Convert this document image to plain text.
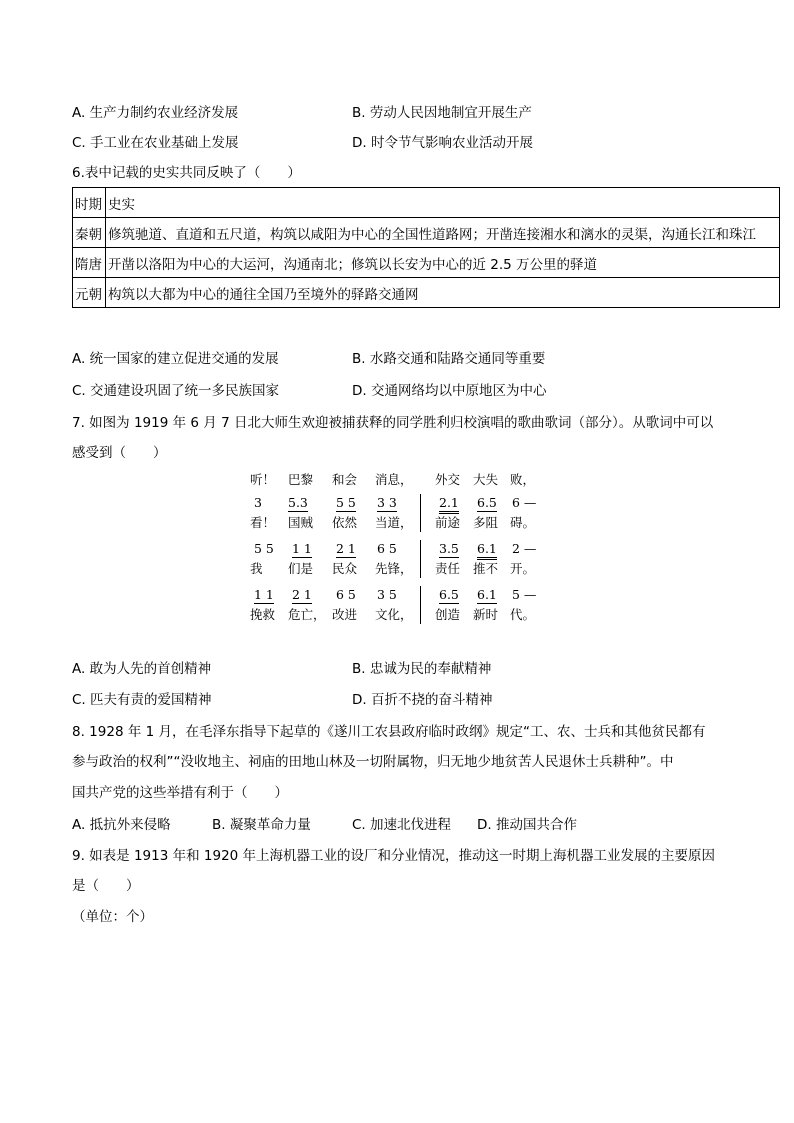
A. 生产力制约农业经济发展	B. 劳动人民因地制宜开展生产
C. 手工业在农业基础上发展	D. 时令节气影响农业活动开展
6.表中记载的史实共同反映了（　　）
时期	史实
秦朝	修筑驰道、直道和五尺道，构筑以咸阳为中心的全国性道路网；开凿连接湘水和漓水的灵渠，沟通长江和珠江
隋唐	开凿以洛阳为中心的大运河，沟通南北；修筑以长安为中心的近 2.5 万公里的驿道
元朝	构筑以大都为中心的通往全国乃至境外的驿路交通网
A. 统一国家的建立促进交通的发展	B. 水路交通和陆路交通同等重要
C. 交通建设巩固了统一多民族国家	D. 交通网络均以中原地区为中心
7. 如图为 1919 年 6 月 7 日北大师生欢迎被捕获释的同学胜利归校演唱的歌曲歌词（部分）。从歌词中可以
感受到（　　）
听！ 巴黎 和会 消息， 外交 大失 败，
3 5.3 5 5 3 3	2.1 6.5 6 —
看！ 国贼 依然 当道， 前途 多阻 碍。
5 5 1 1 2 1 6 5	3.5 6.1 2 —
我 们是 民众 先锋， 责任 推不 开。
1 1 2 1 6 5 3 5	6.5 6.1 5 —
挽救 危亡， 改进 文化， 创造 新时 代。
A. 敢为人先的首创精神	B. 忠诚为民的奉献精神
C. 匹夫有责的爱国精神	D. 百折不挠的奋斗精神
8. 1928 年 1 月，在毛泽东指导下起草的《遂川工农县政府临时政纲》规定“工、农、士兵和其他贫民都有
参与政治的权利”“没收地主、祠庙的田地山林及一切附属物，归无地少地贫苦人民退休士兵耕种”。中
国共产党的这些举措有利于（　　）
A. 抵抗外来侵略	B. 凝聚革命力量	C. 加速北伐进程 D. 推动国共合作
9. 如表是 1913 年和 1920 年上海机器工业的设厂和分业情况，推动这一时期上海机器工业发展的主要原因
是（　　）
（单位：个）
